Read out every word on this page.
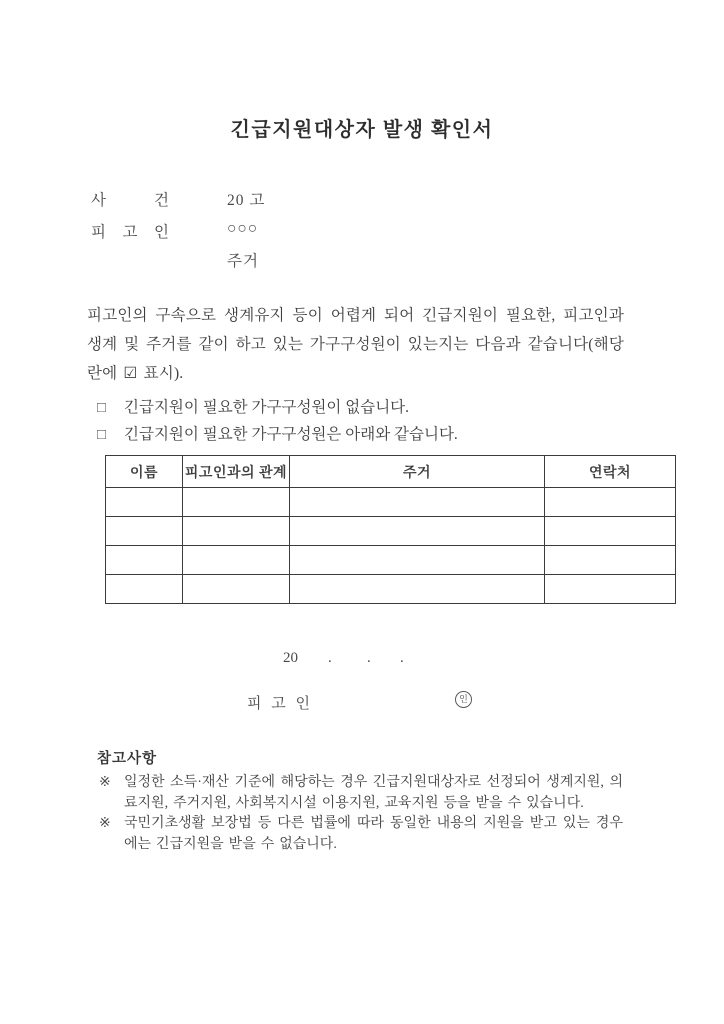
긴급지원대상자 발생 확인서
사 건	20 고
피 고 인	○○○
주거

피고인의 구속으로 생계유지 등이 어렵게 되어 긴급지원이 필요한, 피고인과 생계 및 주거를 같이 하고 있는 가구구성원이 있는지는 다음과 같습니다(해당란에 ☑ 표시).

□ 긴급지원이 필요한 가구구성원이 없습니다.
□ 긴급지원이 필요한 가구구성원은 아래와 같습니다.
이름	피고인과의 관계	주거	연락처

20 . . .
피 고 인	인
참고사항
※ 일정한 소득·재산 기준에 해당하는 경우 긴급지원대상자로 선정되어 생계지원, 의료지원, 주거지원, 사회복지시설 이용지원, 교육지원 등을 받을 수 있습니다.
※ 국민기초생활 보장법 등 다른 법률에 따라 동일한 내용의 지원을 받고 있는 경우에는 긴급지원을 받을 수 없습니다.
